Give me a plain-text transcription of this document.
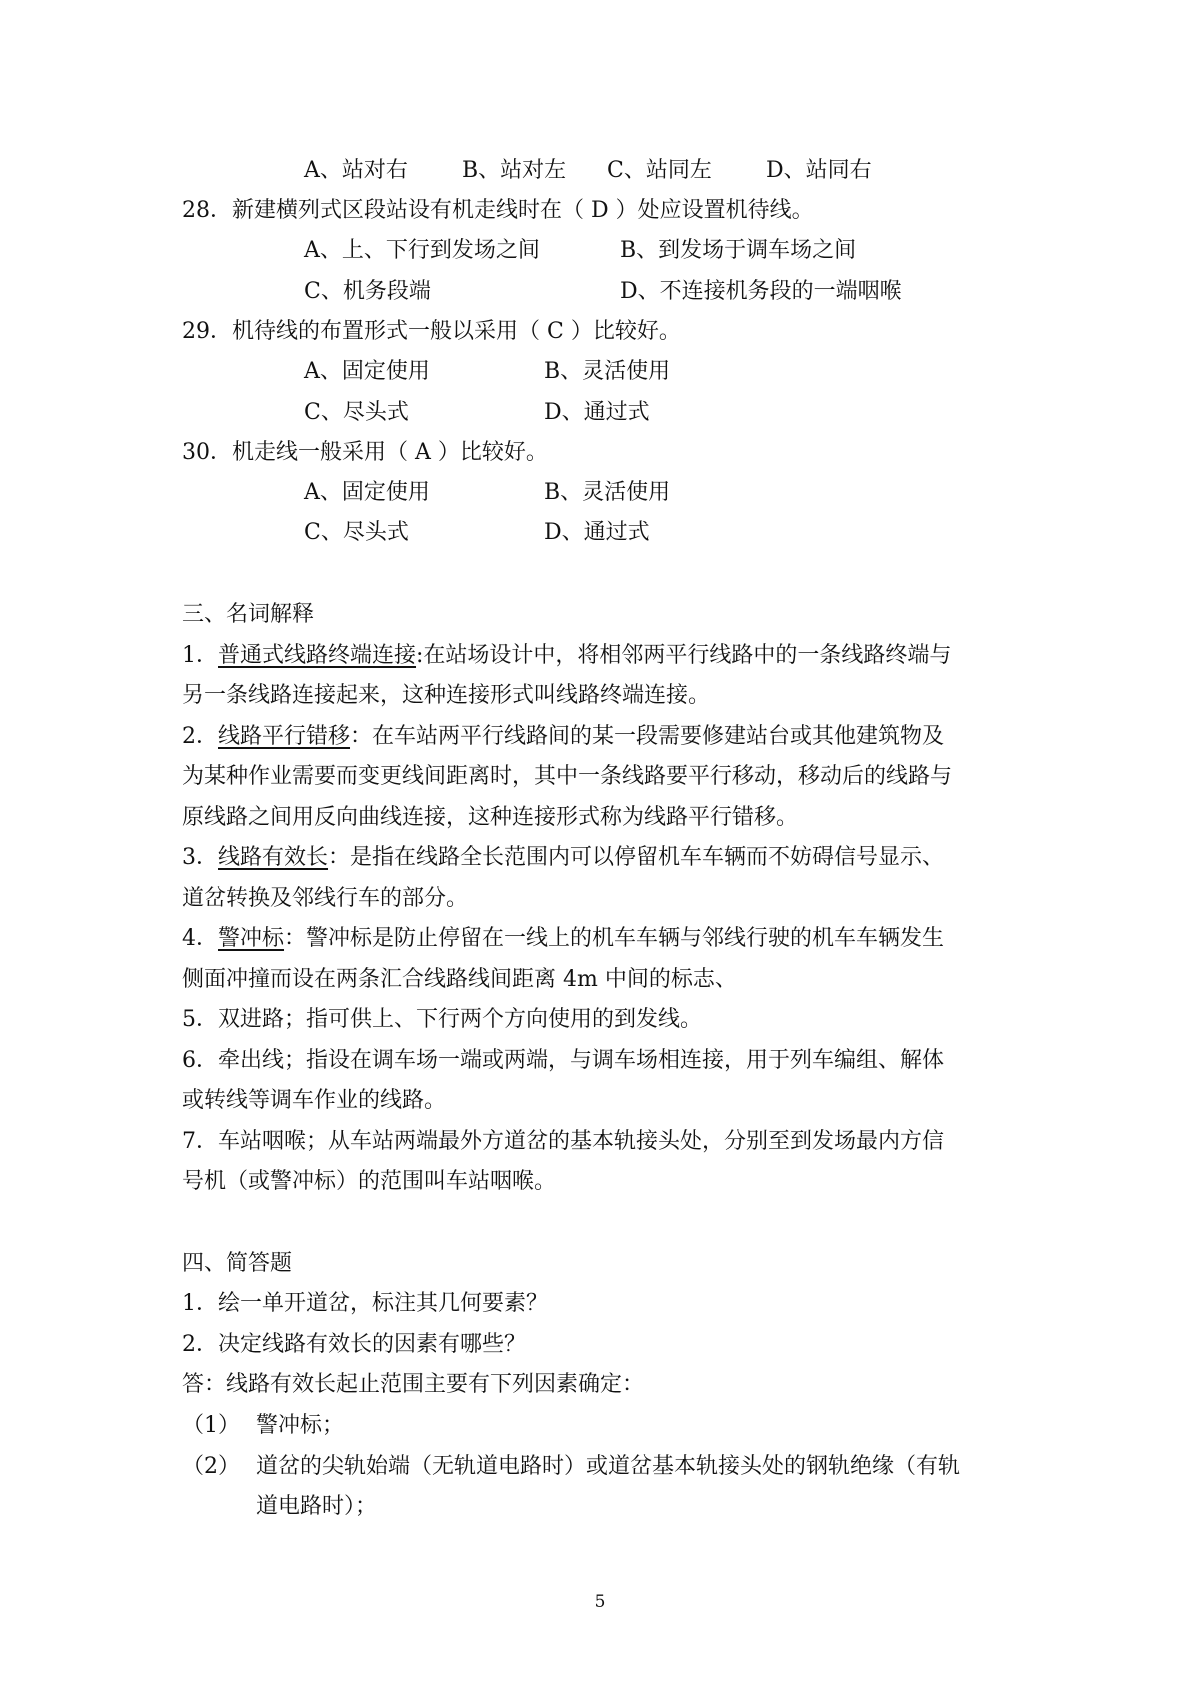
A、站对右 B、站对左 C、站同左 D、站同右
28．新建横列式区段站设有机走线时在（ D ）处应设置机待线。
A、上、下行到发场之间	B、到发场于调车场之间
C、机务段端	D、不连接机务段的一端咽喉
29．机待线的布置形式一般以采用（ C ）比较好。
A、固定使用	B、灵活使用
C、尽头式	D、通过式
30．机走线一般采用（ A ）比较好。
A、固定使用	B、灵活使用
C、尽头式	D、通过式
三、名词解释
1．普通式线路终端连接:在站场设计中，将相邻两平行线路中的一条线路终端与
另一条线路连接起来，这种连接形式叫线路终端连接。
2．线路平行错移：在车站两平行线路间的某一段需要修建站台或其他建筑物及
为某种作业需要而变更线间距离时，其中一条线路要平行移动，移动后的线路与
原线路之间用反向曲线连接，这种连接形式称为线路平行错移。
3．线路有效长：是指在线路全长范围内可以停留机车车辆而不妨碍信号显示、
道岔转换及邻线行车的部分。
4．警冲标：警冲标是防止停留在一线上的机车车辆与邻线行驶的机车车辆发生
侧面冲撞而设在两条汇合线路线间距离 4m 中间的标志、
5．双进路；指可供上、下行两个方向使用的到发线。
6．牵出线；指设在调车场一端或两端，与调车场相连接，用于列车编组、解体
或转线等调车作业的线路。
7．车站咽喉；从车站两端最外方道岔的基本轨接头处，分别至到发场最内方信
号机（或警冲标）的范围叫车站咽喉。
四、简答题
1．绘一单开道岔，标注其几何要素？
2．决定线路有效长的因素有哪些？
答：线路有效长起止范围主要有下列因素确定：
（1） 警冲标；
（2） 道岔的尖轨始端（无轨道电路时）或道岔基本轨接头处的钢轨绝缘（有轨
道电路时）；
5
